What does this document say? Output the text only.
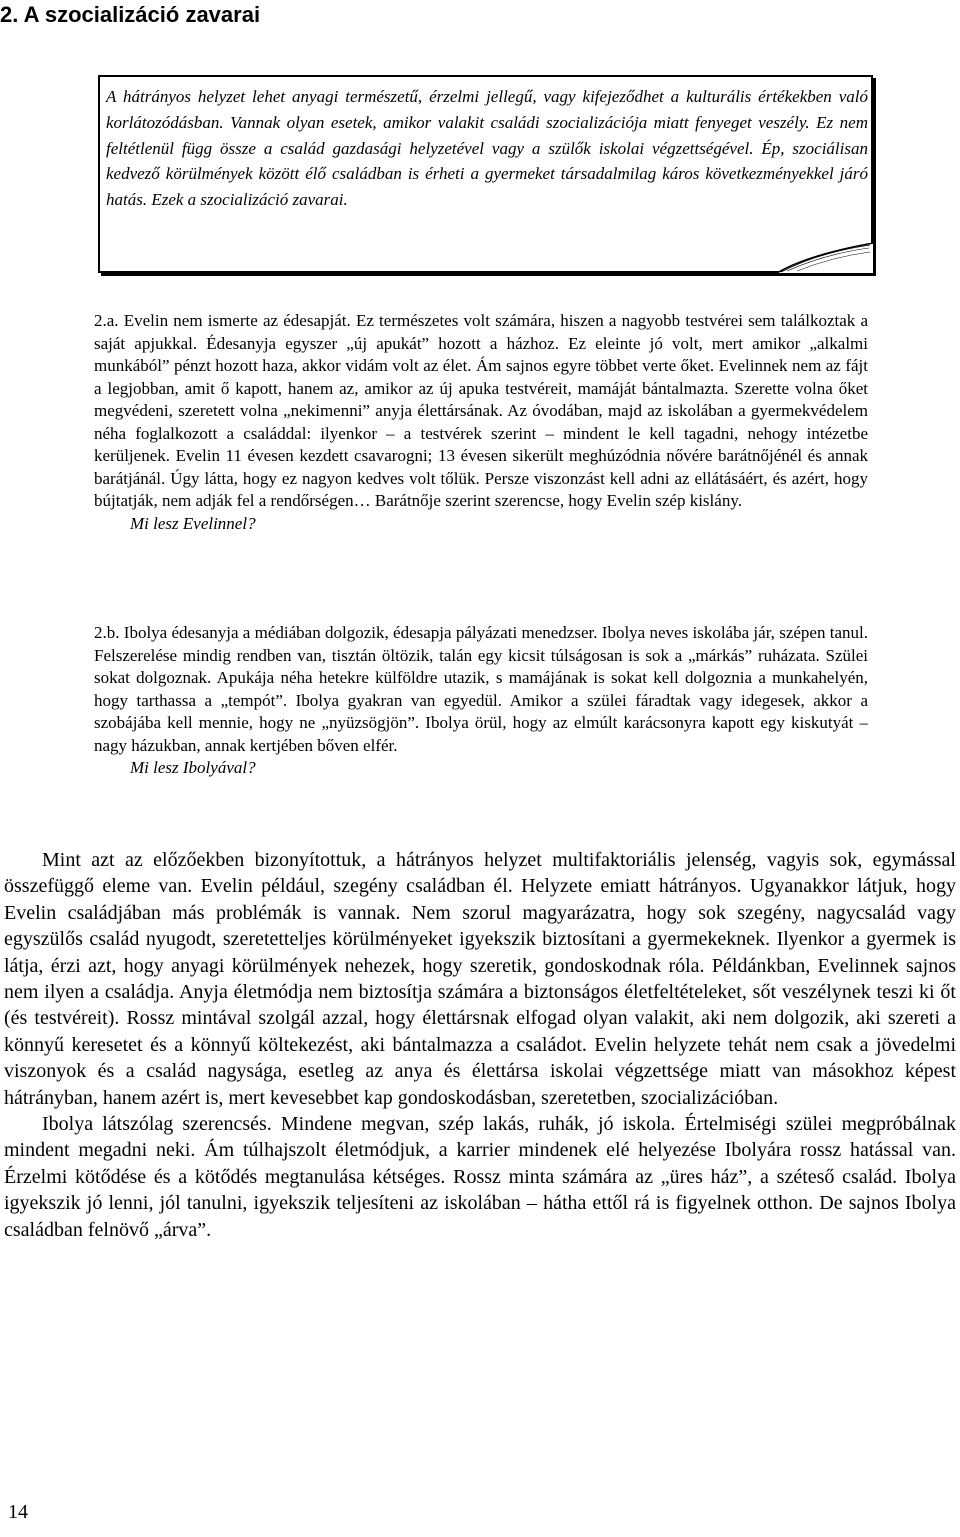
2. A szocializáció zavarai

A hátrányos helyzet lehet anyagi természetű, érzelmi jellegű, vagy kifejeződhet a kulturális értékekben való korlátozódásban. Vannak olyan esetek, amikor valakit családi szocializációja miatt fenyeget veszély. Ez nem feltétlenül függ össze a család gazdasági helyzetével vagy a szülők iskolai végzettségével. Ép, szociálisan kedvező körülmények között élő családban is érheti a gyermeket társadalmilag káros következményekkel járó hatás. Ezek a szocializáció zavarai.

2.a. Evelin nem ismerte az édesapját. Ez természetes volt számára, hiszen a nagyobb testvérei sem találkoztak a saját apjukkal. Édesanyja egyszer „új apukát” hozott a házhoz. Ez eleinte jó volt, mert amikor „alkalmi munkából” pénzt hozott haza, akkor vidám volt az élet. Ám sajnos egyre többet verte őket. Evelinnek nem az fájt a legjobban, amit ő kapott, hanem az, amikor az új apuka testvéreit, mamáját bántalmazta. Szerette volna őket megvédeni, szeretett volna „nekimenni” anyja élettársának. Az óvodában, majd az iskolában a gyermekvédelem néha foglalkozott a családdal: ilyenkor – a testvérek szerint – mindent le kell tagadni, nehogy intézetbe kerüljenek. Evelin 11 évesen kezdett csavarogni; 13 évesen sikerült meghúzódnia nővére barátnőjénél és annak barátjánál. Úgy látta, hogy ez nagyon kedves volt tőlük. Persze viszonzást kell adni az ellátásáért, és azért, hogy bújtatják, nem adják fel a rendőrségen… Barátnője szerint szerencse, hogy Evelin szép kislány.

Mi lesz Evelinnel?

2.b. Ibolya édesanyja a médiában dolgozik, édesapja pályázati menedzser. Ibolya neves iskolába jár, szépen tanul. Felszerelése mindig rendben van, tisztán öltözik, talán egy kicsit túlságosan is sok a „márkás” ruházata. Szülei sokat dolgoznak. Apukája néha hetekre külföldre utazik, s mamájának is sokat kell dolgoznia a munkahelyén, hogy tarthassa a „tempót”. Ibolya gyakran van egyedül. Amikor a szülei fáradtak vagy idegesek, akkor a szobájába kell mennie, hogy ne „nyüzsögjön”. Ibolya örül, hogy az elmúlt karácsonyra kapott egy kiskutyát – nagy házukban, annak kertjében bőven elfér.

Mi lesz Ibolyával?

Mint azt az előzőekben bizonyítottuk, a hátrányos helyzet multifaktoriális jelenség, vagyis sok, egymással összefüggő eleme van. Evelin például, szegény családban él. Helyzete emiatt hátrányos. Ugyanakkor látjuk, hogy Evelin családjában más problémák is vannak. Nem szorul magyarázatra, hogy sok szegény, nagycsalád vagy egyszülős család nyugodt, szeretetteljes körülményeket igyekszik biztosítani a gyermekeknek. Ilyenkor a gyermek is látja, érzi azt, hogy anyagi körülmények nehezek, hogy szeretik, gondoskodnak róla. Példánkban, Evelinnek sajnos nem ilyen a családja. Anyja életmódja nem biztosítja számára a biztonságos életfeltételeket, sőt veszélynek teszi ki őt (és testvéreit). Rossz mintával szolgál azzal, hogy élettársnak elfogad olyan valakit, aki nem dolgozik, aki szereti a könnyű keresetet és a könnyű költekezést, aki bántalmazza a családot. Evelin helyzete tehát nem csak a jövedelmi viszonyok és a család nagysága, esetleg az anya és élettársa iskolai végzettsége miatt van másokhoz képest hátrányban, hanem azért is, mert kevesebbet kap gondoskodásban, szeretetben, szocializációban.

Ibolya látszólag szerencsés. Mindene megvan, szép lakás, ruhák, jó iskola. Értelmiségi szülei megpróbálnak mindent megadni neki. Ám túlhajszolt életmódjuk, a karrier mindenek elé helyezése Ibolyára rossz hatással van. Érzelmi kötődése és a kötődés megtanulása kétséges. Rossz minta számára az „üres ház”, a széteső család. Ibolya igyekszik jó lenni, jól tanulni, igyekszik teljesíteni az iskolában – hátha ettől rá is figyelnek otthon. De sajnos Ibolya családban felnövő „árva”.

14
